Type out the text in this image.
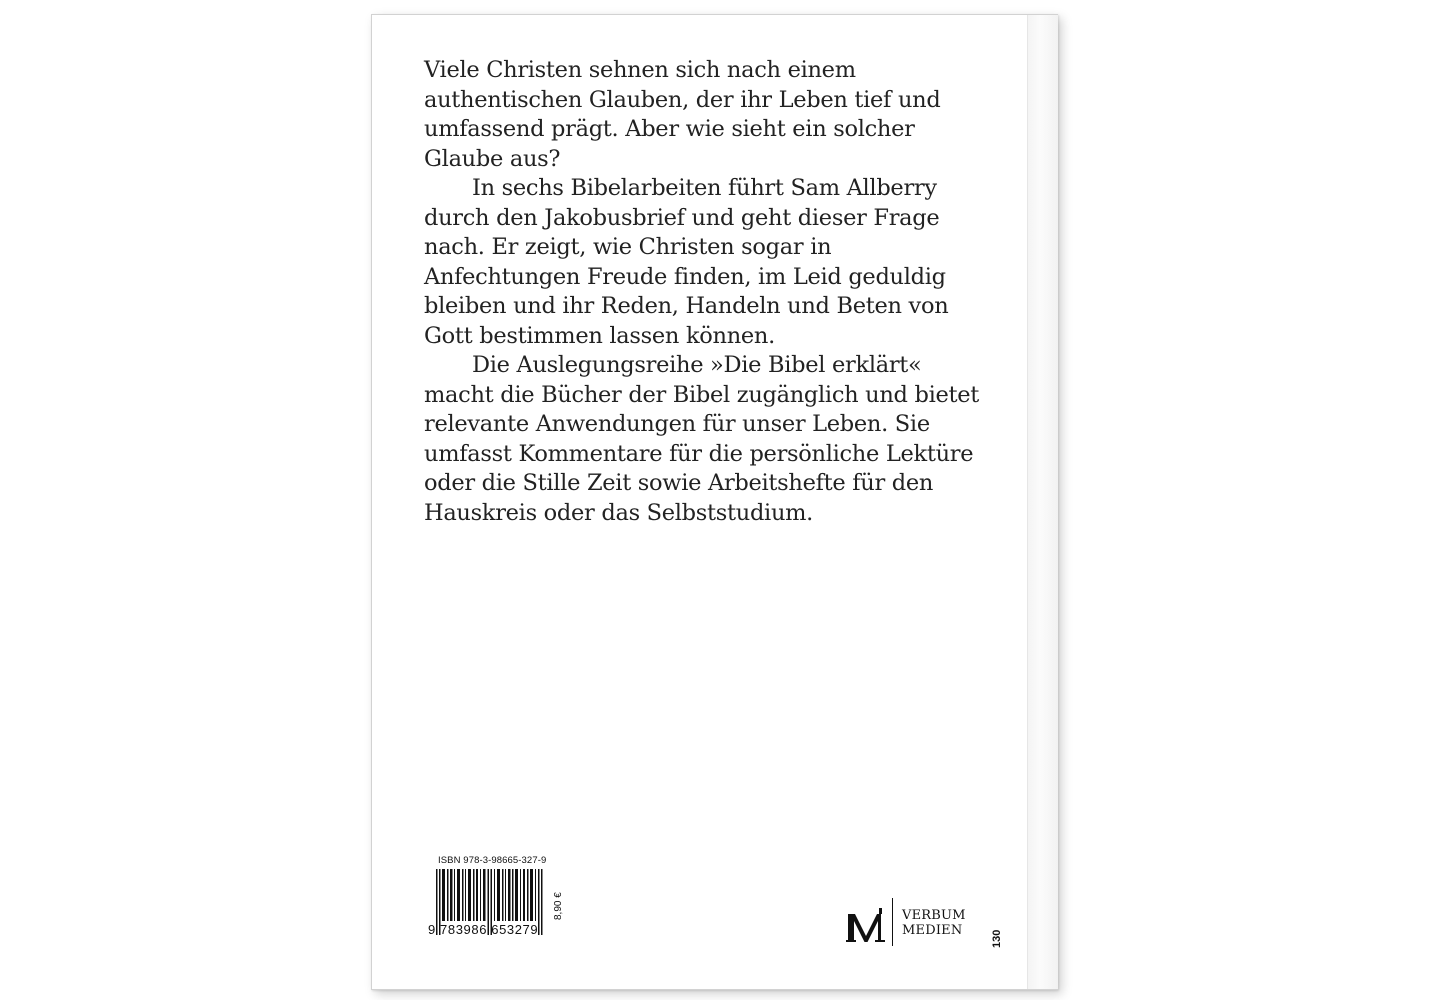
Viele Christen sehnen sich nach einem authentischen Glauben, der ihr Leben tief und umfassend prägt. Aber wie sieht ein solcher Glaube aus?

In sechs Bibelarbeiten führt Sam Allberry durch den Jakobusbrief und geht dieser Frage nach. Er zeigt, wie Christen sogar in Anfechtungen Freude finden, im Leid geduldig bleiben und ihr Reden, Handeln und Beten von Gott bestimmen lassen können.

Die Auslegungsreihe »Die Bibel erklärt« macht die Bücher der Bibel zugänglich und bietet relevante Anwendungen für unser Leben. Sie umfasst Kommentare für die persönliche Lektüre oder die Stille Zeit sowie Arbeitshefte für den Hauskreis oder das Selbststudium.

ISBN 978-3-98665-327-9
9 783986 653279
8,90 €	VERBUM
MEDIEN	130
